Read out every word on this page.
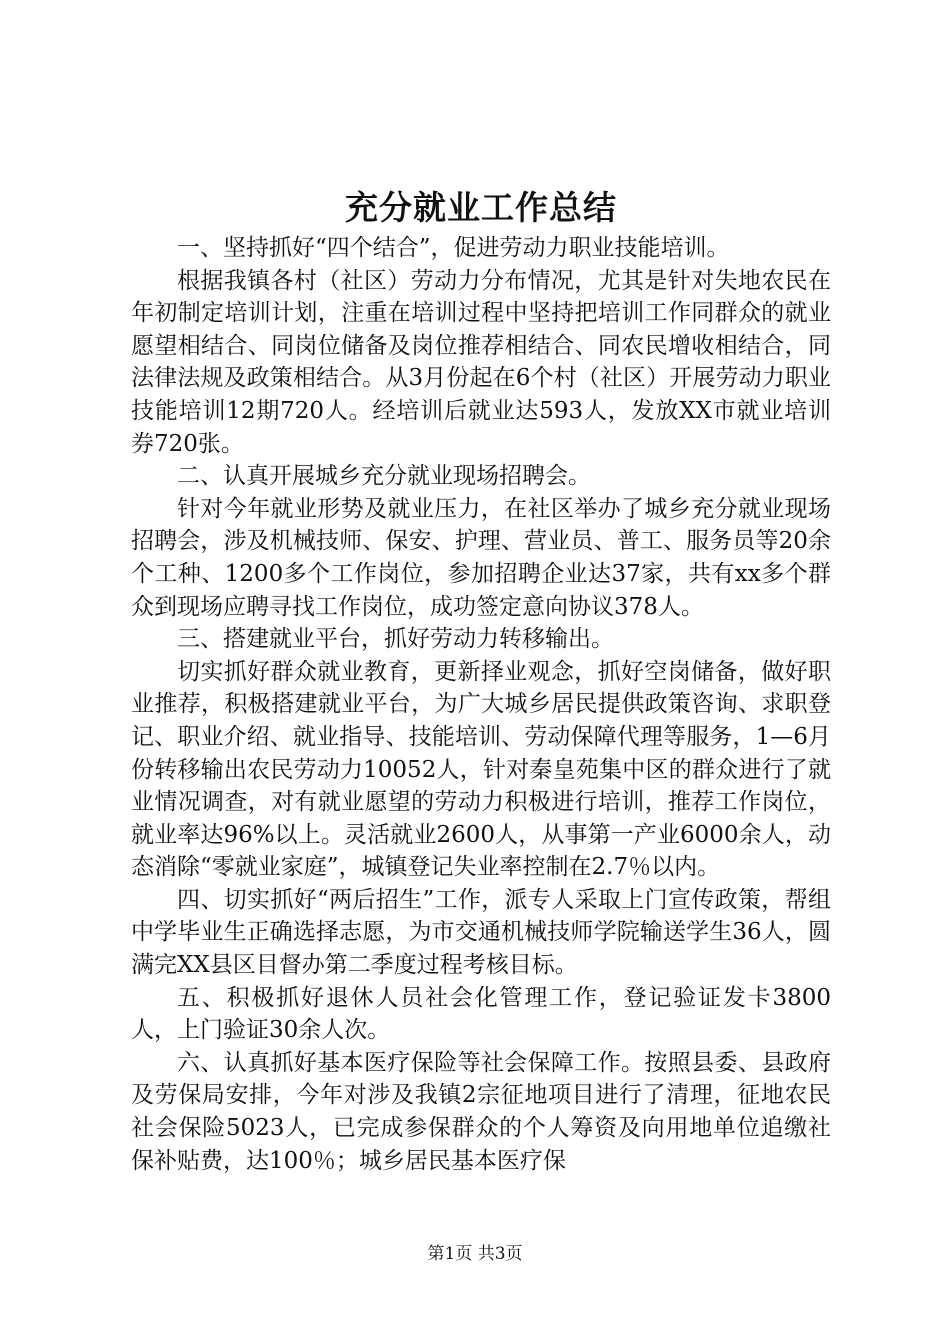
充分就业工作总结

一、坚持抓好“四个结合”，促进劳动力职业技能培训。

根据我镇各村（社区）劳动力分布情况，尤其是针对失地农民在年初制定培训计划，注重在培训过程中坚持把培训工作同群众的就业愿望相结合、同岗位储备及岗位推荐相结合、同农民增收相结合，同法律法规及政策相结合。从3月份起在6个村（社区）开展劳动力职业技能培训12期720人。经培训后就业达593人，发放XX市就业培训券720张。

二、认真开展城乡充分就业现场招聘会。

针对今年就业形势及就业压力，在社区举办了城乡充分就业现场招聘会，涉及机械技师、保安、护理、营业员、普工、服务员等20余个工种、1200多个工作岗位，参加招聘企业达37家，共有xx多个群众到现场应聘寻找工作岗位，成功签定意向协议378人。

三、搭建就业平台，抓好劳动力转移输出。

切实抓好群众就业教育，更新择业观念，抓好空岗储备，做好职业推荐，积极搭建就业平台，为广大城乡居民提供政策咨询、求职登记、职业介绍、就业指导、技能培训、劳动保障代理等服务，1—6月份转移输出农民劳动力10052人，针对秦皇苑集中区的群众进行了就业情况调查，对有就业愿望的劳动力积极进行培训，推荐工作岗位，就业率达96%以上。灵活就业2600人，从事第一产业6000余人，动态消除“零就业家庭”，城镇登记失业率控制在2.7％以内。

四、切实抓好“两后招生”工作，派专人采取上门宣传政策，帮组中学毕业生正确选择志愿，为市交通机械技师学院输送学生36人，圆满完XX县区目督办第二季度过程考核目标。

五、积极抓好退休人员社会化管理工作，登记验证发卡3800人，上门验证30余人次。

六、认真抓好基本医疗保险等社会保障工作。按照县委、县政府及劳保局安排，今年对涉及我镇2宗征地项目进行了清理，征地农民社会保险5023人，已完成参保群众的个人筹资及向用地单位追缴社保补贴费，达100％；城乡居民基本医疗保

第1页 共3页
